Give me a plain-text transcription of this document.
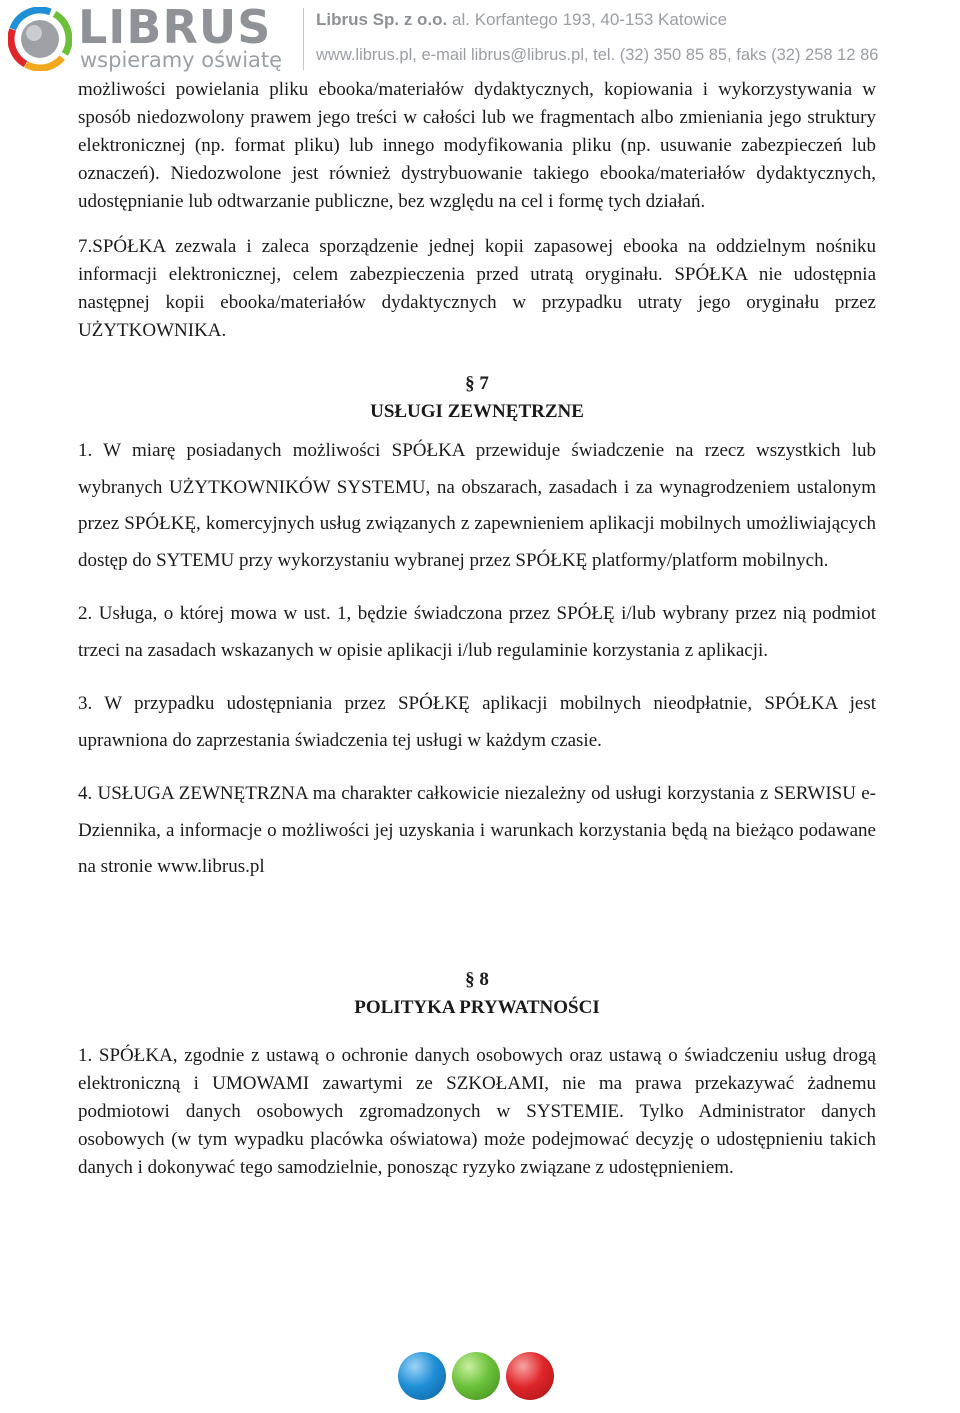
LIBRUS
wspieramy oświatę
Librus Sp. z o.o. al. Korfantego 193, 40-153 Katowice
www.librus.pl, e-mail librus@librus.pl, tel. (32) 350 85 85, faks (32) 258 12 86

możliwości powielania pliku ebooka/materiałów dydaktycznych, kopiowania i wykorzystywania w sposób niedozwolony prawem jego treści w całości lub we fragmentach albo zmieniania jego struktury elektronicznej (np. format pliku) lub innego modyfikowania pliku (np. usuwanie zabezpieczeń lub oznaczeń). Niedozwolone jest również dystrybuowanie takiego ebooka/materiałów dydaktycznych, udostępnianie lub odtwarzanie publiczne, bez względu na cel i formę tych działań.

7.SPÓŁKA zezwala i zaleca sporządzenie jednej kopii zapasowej ebooka na oddzielnym nośniku informacji elektronicznej, celem zabezpieczenia przed utratą oryginału. SPÓŁKA nie udostępnia następnej kopii ebooka/materiałów dydaktycznych w przypadku utraty jego oryginału przez UŻYTKOWNIKA.

§ 7

USŁUGI ZEWNĘTRZNE

1. W miarę posiadanych możliwości SPÓŁKA przewiduje świadczenie na rzecz wszystkich lub wybranych UŻYTKOWNIKÓW SYSTEMU, na obszarach, zasadach i za wynagrodzeniem ustalonym przez SPÓŁKĘ, komercyjnych usług związanych z zapewnieniem aplikacji mobilnych umożliwiających dostęp do SYTEMU przy wykorzystaniu wybranej przez SPÓŁKĘ platformy/platform mobilnych.

2. Usługa, o której mowa w ust. 1, będzie świadczona przez SPÓŁĘ i/lub wybrany przez nią podmiot trzeci na zasadach wskazanych w opisie aplikacji i/lub regulaminie korzystania z aplikacji.

3. W przypadku udostępniania przez SPÓŁKĘ aplikacji mobilnych nieodpłatnie, SPÓŁKA jest uprawniona do zaprzestania świadczenia tej usługi w każdym czasie.

4. USŁUGA ZEWNĘTRZNA ma charakter całkowicie niezależny od usługi korzystania z SERWISU e-Dziennika, a informacje o możliwości jej uzyskania i warunkach korzystania będą na bieżąco podawane na stronie www.librus.pl

§ 8

POLITYKA PRYWATNOŚCI

1. SPÓŁKA, zgodnie z ustawą o ochronie danych osobowych oraz ustawą o świadczeniu usług drogą elektroniczną i UMOWAMI zawartymi ze SZKOŁAMI, nie ma prawa przekazywać żadnemu podmiotowi danych osobowych zgromadzonych w SYSTEMIE. Tylko Administrator danych osobowych (w tym wypadku placówka oświatowa) może podejmować decyzję o udostępnieniu takich danych i dokonywać tego samodzielnie, ponosząc ryzyko związane z udostępnieniem.
